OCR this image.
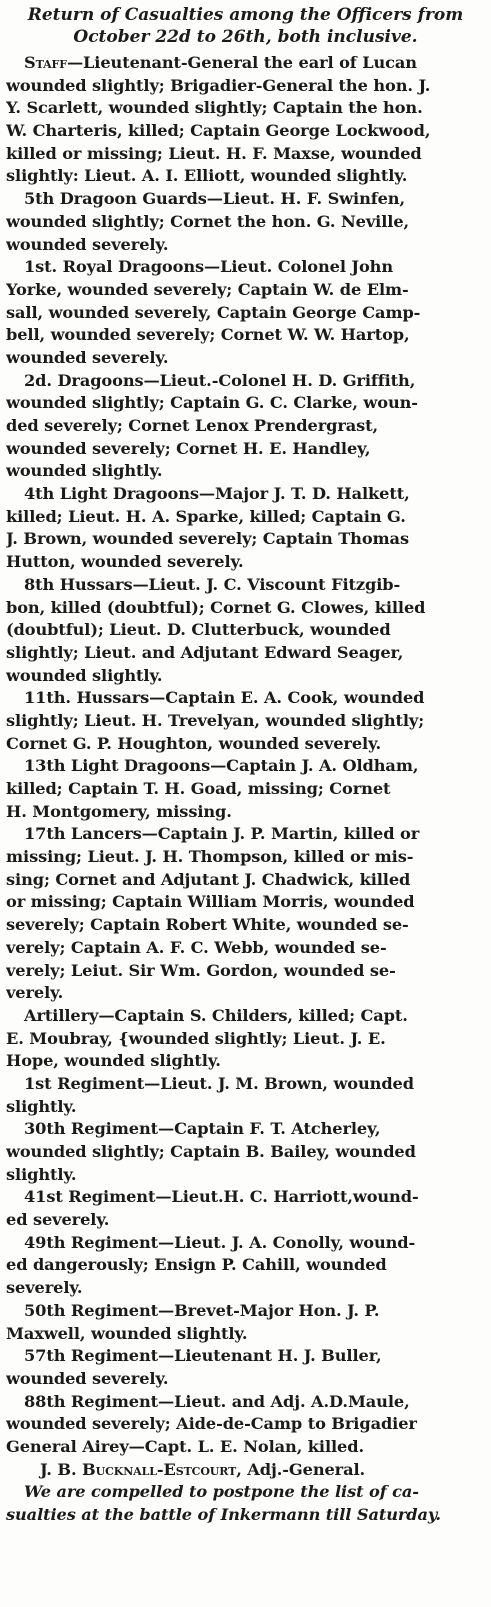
Return of Casualties among the Officers from
October 22d to 26th, both inclusive.
Staff—Lieutenant-General the earl of Lucan
wounded slightly; Brigadier-General the hon. J.
Y. Scarlett, wounded slightly; Captain the hon.
W. Charteris, killed; Captain George Lockwood,
killed or missing; Lieut. H. F. Maxse, wounded
slightly: Lieut. A. I. Elliott, wounded slightly.
5th Dragoon Guards—Lieut. H. F. Swinfen,
wounded slightly; Cornet the hon. G. Neville,
wounded severely.
1st. Royal Dragoons—Lieut. Colonel John
Yorke, wounded severely; Captain W. de Elm-
sall, wounded severely, Captain George Camp-
bell, wounded severely; Cornet W. W. Hartop,
wounded severely.
2d. Dragoons—Lieut.-Colonel H. D. Griffith,
wounded slightly; Captain G. C. Clarke, woun-
ded severely; Cornet Lenox Prendergrast,
wounded severely; Cornet H. E. Handley,
wounded slightly.
4th Light Dragoons—Major J. T. D. Halkett,
killed; Lieut. H. A. Sparke, killed; Captain G.
J. Brown, wounded severely; Captain Thomas
Hutton, wounded severely.
8th Hussars—Lieut. J. C. Viscount Fitzgib-
bon, killed (doubtful); Cornet G. Clowes, killed
(doubtful); Lieut. D. Clutterbuck, wounded
slightly; Lieut. and Adjutant Edward Seager,
wounded slightly.
11th. Hussars—Captain E. A. Cook, wounded
slightly; Lieut. H. Trevelyan, wounded slightly;
Cornet G. P. Houghton, wounded severely.
13th Light Dragoons—Captain J. A. Oldham,
killed; Captain T. H. Goad, missing; Cornet
H. Montgomery, missing.
17th Lancers—Captain J. P. Martin, killed or
missing; Lieut. J. H. Thompson, killed or mis-
sing; Cornet and Adjutant J. Chadwick, killed
or missing; Captain William Morris, wounded
severely; Captain Robert White, wounded se-
verely; Captain A. F. C. Webb, wounded se-
verely; Leiut. Sir Wm. Gordon, wounded se-
verely.
Artillery—Captain S. Childers, killed; Capt.
E. Moubray, {wounded slightly; Lieut. J. E.
Hope, wounded slightly.
1st Regiment—Lieut. J. M. Brown, wounded
slightly.
30th Regiment—Captain F. T. Atcherley,
wounded slightly; Captain B. Bailey, wounded
slightly.
41st Regiment—Lieut.H. C. Harriott,wound-
ed severely.
49th Regiment—Lieut. J. A. Conolly, wound-
ed dangerously; Ensign P. Cahill, wounded
severely.
50th Regiment—Brevet-Major Hon. J. P.
Maxwell, wounded slightly.
57th Regiment—Lieutenant H. J. Buller,
wounded severely.
88th Regiment—Lieut. and Adj. A.D.Maule,
wounded severely; Aide-de-Camp to Brigadier
General Airey—Capt. L. E. Nolan, killed.
J. B. Bucknall-Estcourt, Adj.-General.
We are compelled to postpone the list of ca-
sualties at the battle of Inkermann till Saturday.
